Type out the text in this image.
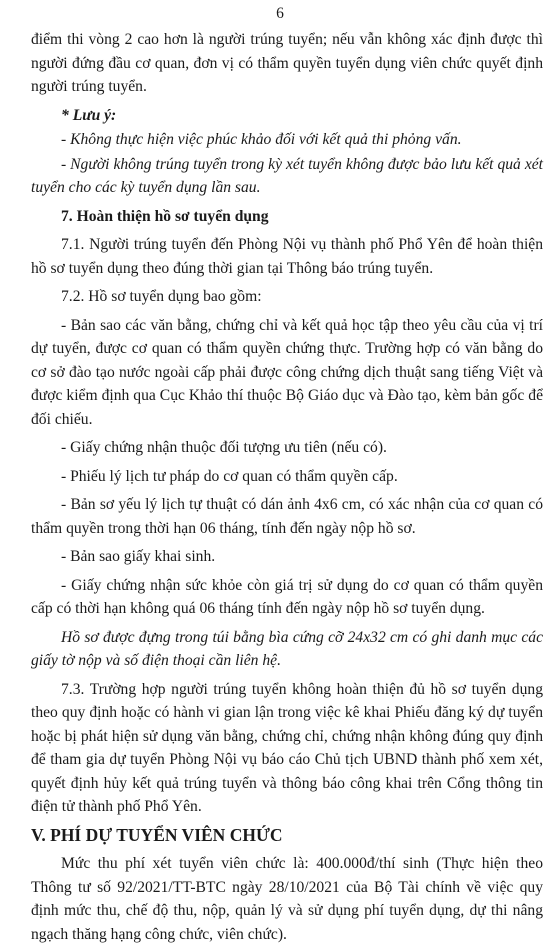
6

điểm thi vòng 2 cao hơn là người trúng tuyển; nếu vẫn không xác định được thì người đứng đầu cơ quan, đơn vị có thẩm quyền tuyển dụng viên chức quyết định người trúng tuyển.

* Lưu ý:

- Không thực hiện việc phúc khảo đối với kết quả thi phỏng vấn.

- Người không trúng tuyển trong kỳ xét tuyển không được bảo lưu kết quả xét tuyển cho các kỳ tuyển dụng lần sau.

7. Hoàn thiện hồ sơ tuyển dụng

7.1. Người trúng tuyển đến Phòng Nội vụ thành phố Phổ Yên để hoàn thiện hồ sơ tuyển dụng theo đúng thời gian tại Thông báo trúng tuyển.

7.2. Hồ sơ tuyển dụng bao gồm:

- Bản sao các văn bằng, chứng chỉ và kết quả học tập theo yêu cầu của vị trí dự tuyển, được cơ quan có thẩm quyền chứng thực. Trường hợp có văn bằng do cơ sở đào tạo nước ngoài cấp phải được công chứng dịch thuật sang tiếng Việt và được kiểm định qua Cục Khảo thí thuộc Bộ Giáo dục và Đào tạo, kèm bản gốc để đối chiếu.

- Giấy chứng nhận thuộc đối tượng ưu tiên (nếu có).

- Phiếu lý lịch tư pháp do cơ quan có thẩm quyền cấp.

- Bản sơ yếu lý lịch tự thuật có dán ảnh 4x6 cm, có xác nhận của cơ quan có thẩm quyền trong thời hạn 06 tháng, tính đến ngày nộp hồ sơ.

- Bản sao giấy khai sinh.

- Giấy chứng nhận sức khỏe còn giá trị sử dụng do cơ quan có thẩm quyền cấp có thời hạn không quá 06 tháng tính đến ngày nộp hồ sơ tuyển dụng.

Hồ sơ được đựng trong túi bằng bìa cứng cỡ 24x32 cm có ghi danh mục các giấy tờ nộp và số điện thoại cần liên hệ.

7.3. Trường hợp người trúng tuyển không hoàn thiện đủ hồ sơ tuyển dụng theo quy định hoặc có hành vi gian lận trong việc kê khai Phiếu đăng ký dự tuyển hoặc bị phát hiện sử dụng văn bằng, chứng chỉ, chứng nhận không đúng quy định để tham gia dự tuyển Phòng Nội vụ báo cáo Chủ tịch UBND thành phố xem xét, quyết định hủy kết quả trúng tuyển và thông báo công khai trên Cổng thông tin điện tử thành phố Phổ Yên.

V. PHÍ DỰ TUYỂN VIÊN CHỨC

Mức thu phí xét tuyển viên chức là: 400.000đ/thí sinh (Thực hiện theo Thông tư số 92/2021/TT-BTC ngày 28/10/2021 của Bộ Tài chính về việc quy định mức thu, chế độ thu, nộp, quản lý và sử dụng phí tuyển dụng, dự thi nâng ngạch thăng hạng công chức, viên chức).
